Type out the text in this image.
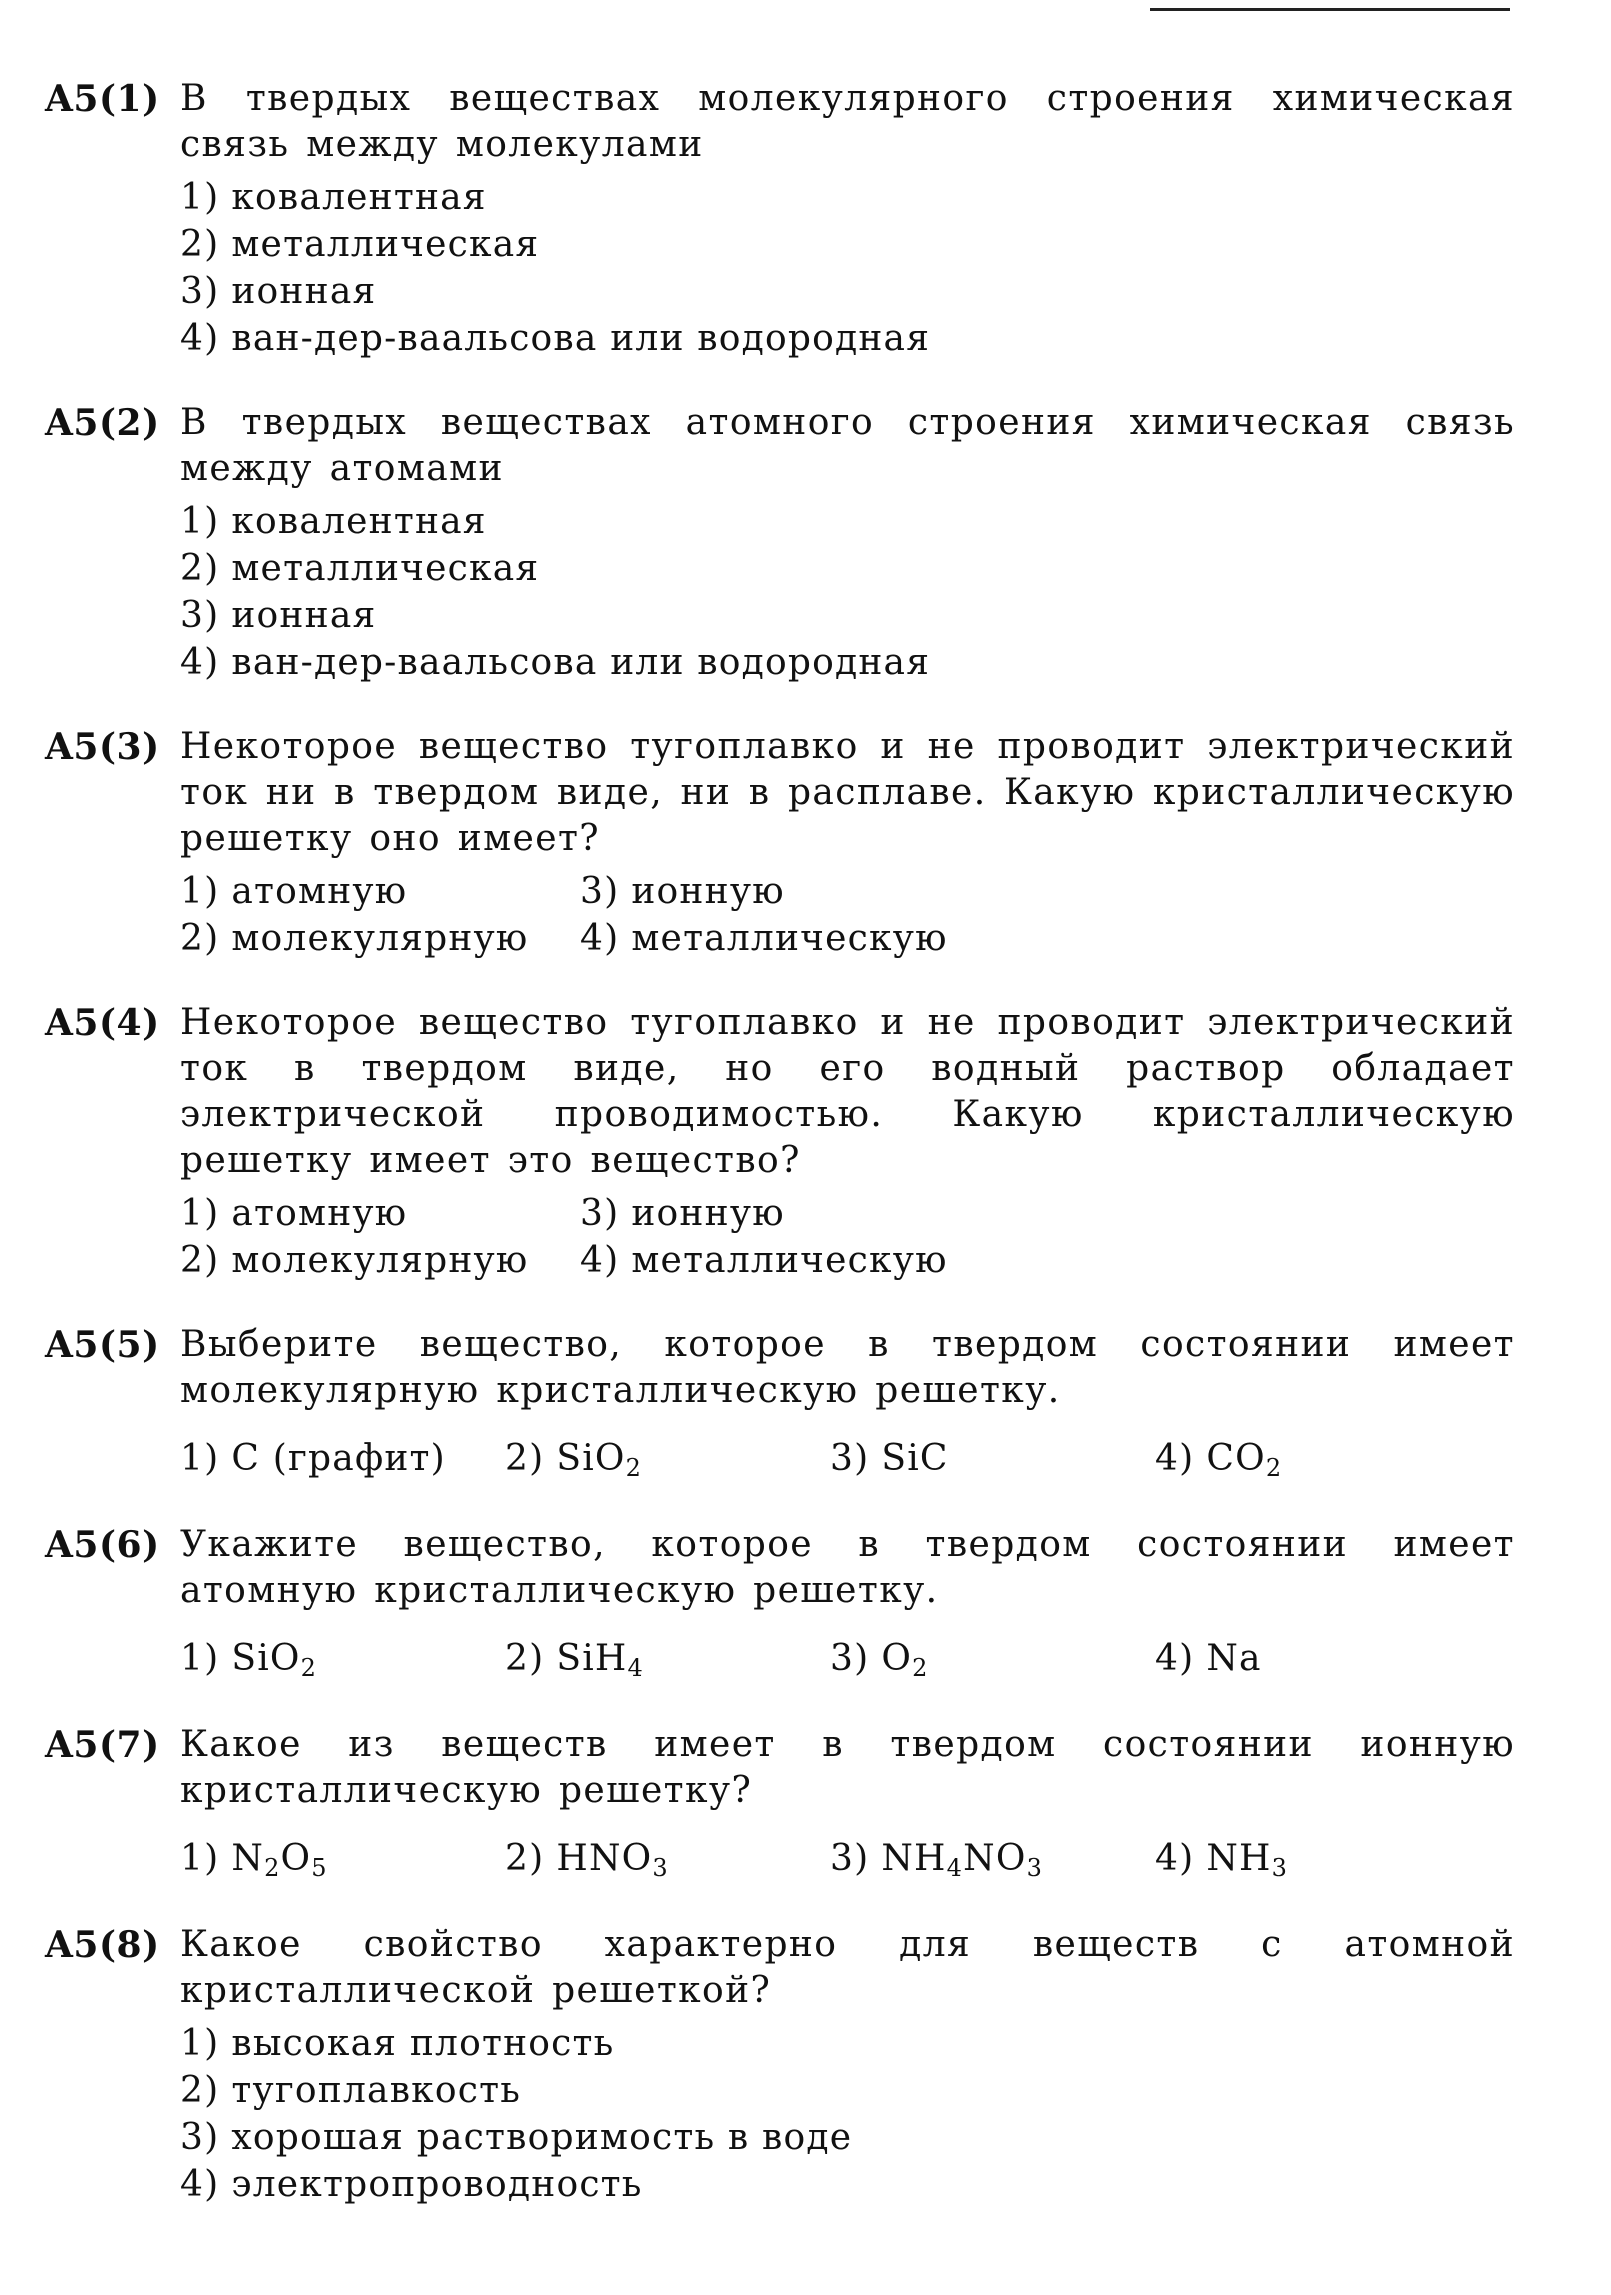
A5(1) В твердых веществах молекулярного строения химическая связь между молекулами
1) ковалентная
2) металлическая
3) ионная
4) ван-дер-ваальсова или водородная
A5(2) В твердых веществах атомного строения химическая связь между атомами
1) ковалентная
2) металлическая
3) ионная
4) ван-дер-ваальсова или водородная
A5(3) Некоторое вещество тугоплавко и не проводит электрический ток ни в твердом виде, ни в расплаве. Какую кристаллическую решетку оно имеет?
1) атомную	3) ионную
2) молекулярную	4) металлическую
A5(4) Некоторое вещество тугоплавко и не проводит электрический ток в твердом виде, но его водный раствор обладает электрической проводимостью. Какую кристаллическую решетку имеет это вещество?
1) атомную	3) ионную
2) молекулярную	4) металлическую
A5(5) Выберите вещество, которое в твердом состоянии имеет молекулярную кристаллическую решетку.
1) C (графит)	2) SiO$_2$	3) SiC	4) $CO_2$
A5(6) Укажите вещество, которое в твердом состоянии имеет атомную кристаллическую решетку.
1) SiO$_2$	2) SiH$_4$	3) $O_2$	4) Na
A5(7) Какое из веществ имеет в твердом состоянии ионную кристаллическую решетку?
1) $N_2O_5$	2) $HNO_3$	3) $NH_4NO_3$	4) $NH_3$
A5(8) Какое свойство характерно для веществ с атомной кристаллической решеткой?
1) высокая плотность
2) тугоплавкость
3) хорошая растворимость в воде
4) электропроводность
